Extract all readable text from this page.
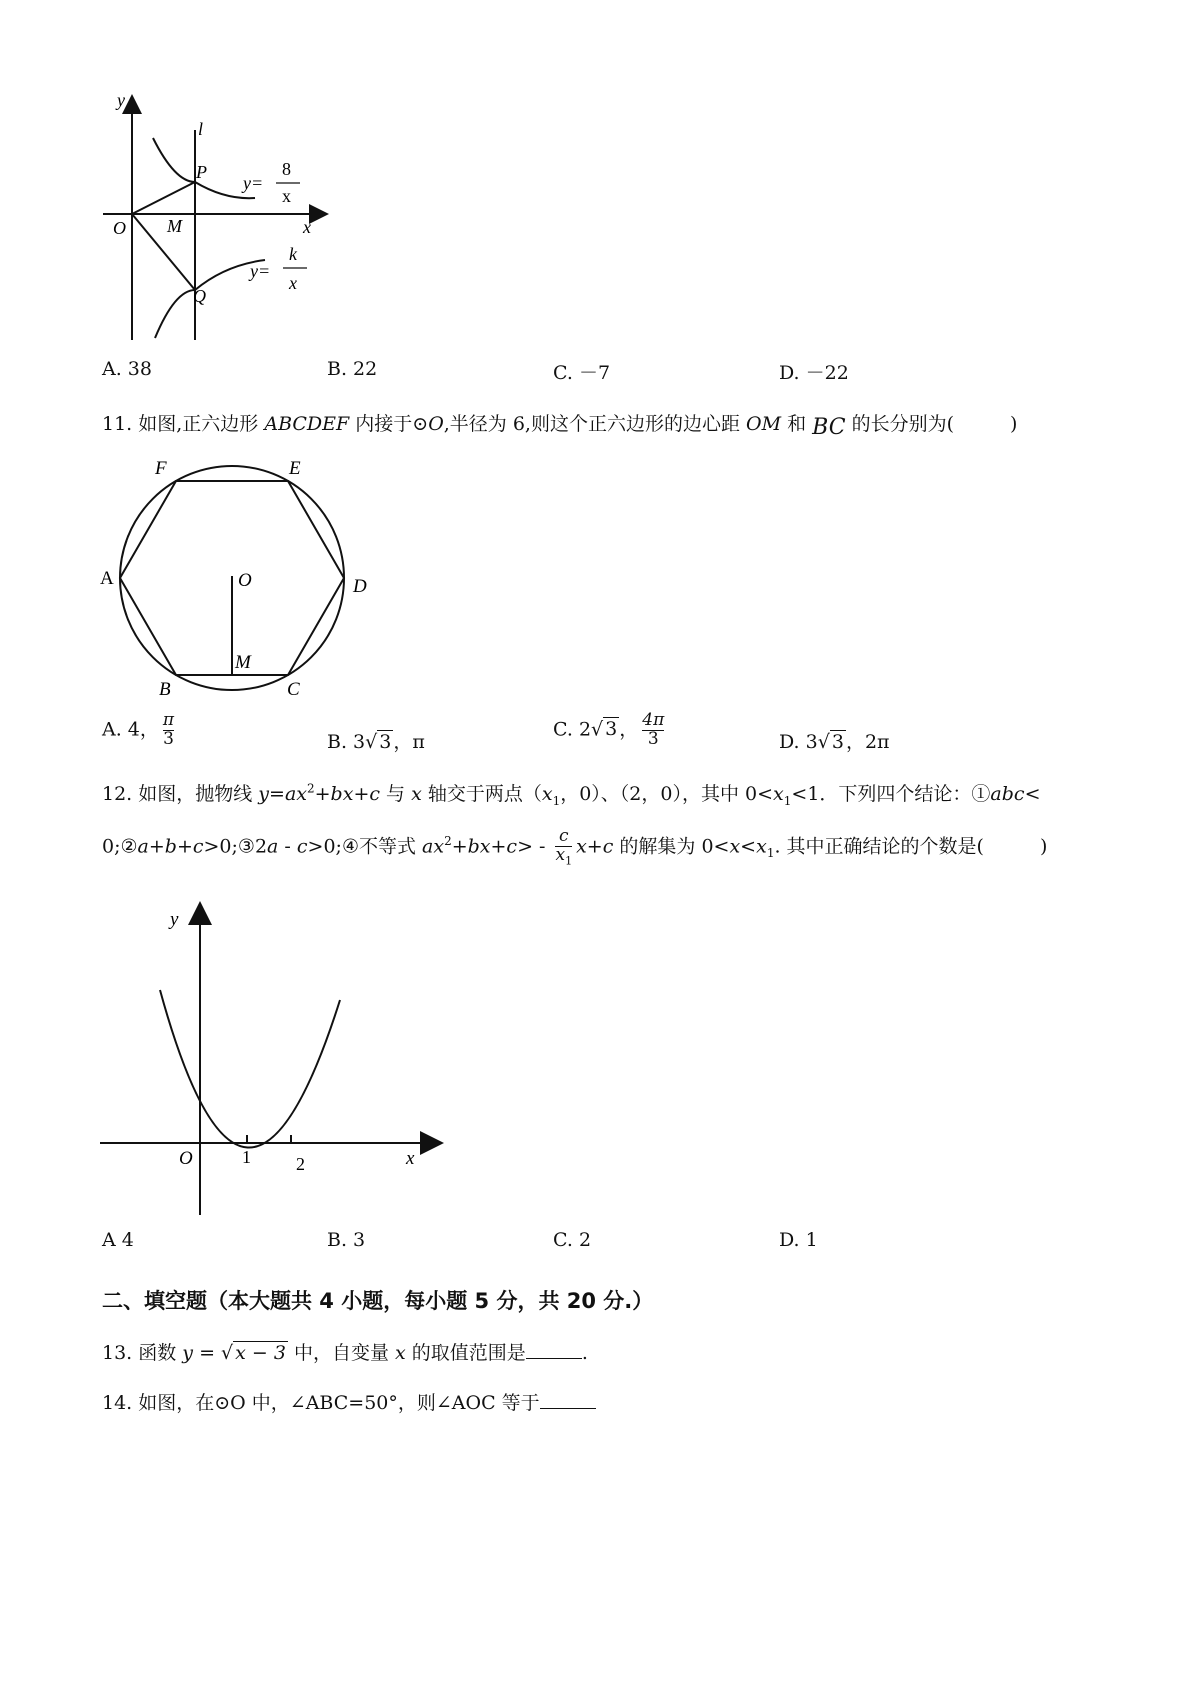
y
l
P
O M	x
Q
y=
8
x
y=
k
x
A. 38	B. 22	C. －7	D. －22
11. 如图,正六边形 ABCDEF 内接于⊙O,半径为 6,则这个正六边形的边心距 OM 和 BC 的长分别为(	)
F	E
A	D
O
M
B	C
A. 4， $\frac{\pi}{3}$	B. 3√ 3 ，π
C. 2√ 3 ， $\frac{4\pi}{3}$	D. 3√ 3 ，2π
12. 如图，抛物线 $y=ax^2+bx+c$ 与 x 轴交于两点（$x_1$，0）、（2，0），其中 $0<x_1<1$．下列四个结论：①abc<
0;②a+b+c>0;③2a - c>0;④不等式 $ax^2+bx+c> - \frac{c}{x_1} x+c$ 的解集为 $0<x<x_1$. 其中正确结论的个数是(	)
y
O	1	2	x
A 4	B. 3	C. 2	D. 1
二、填空题（本大题共 4 小题，每小题 5 分，共 20 分.）
13. 函数 y = √ x − 3 中，自变量 x 的取值范围是	.
14. 如图，在⊙O 中，∠ABC=50°，则∠AOC 等于
